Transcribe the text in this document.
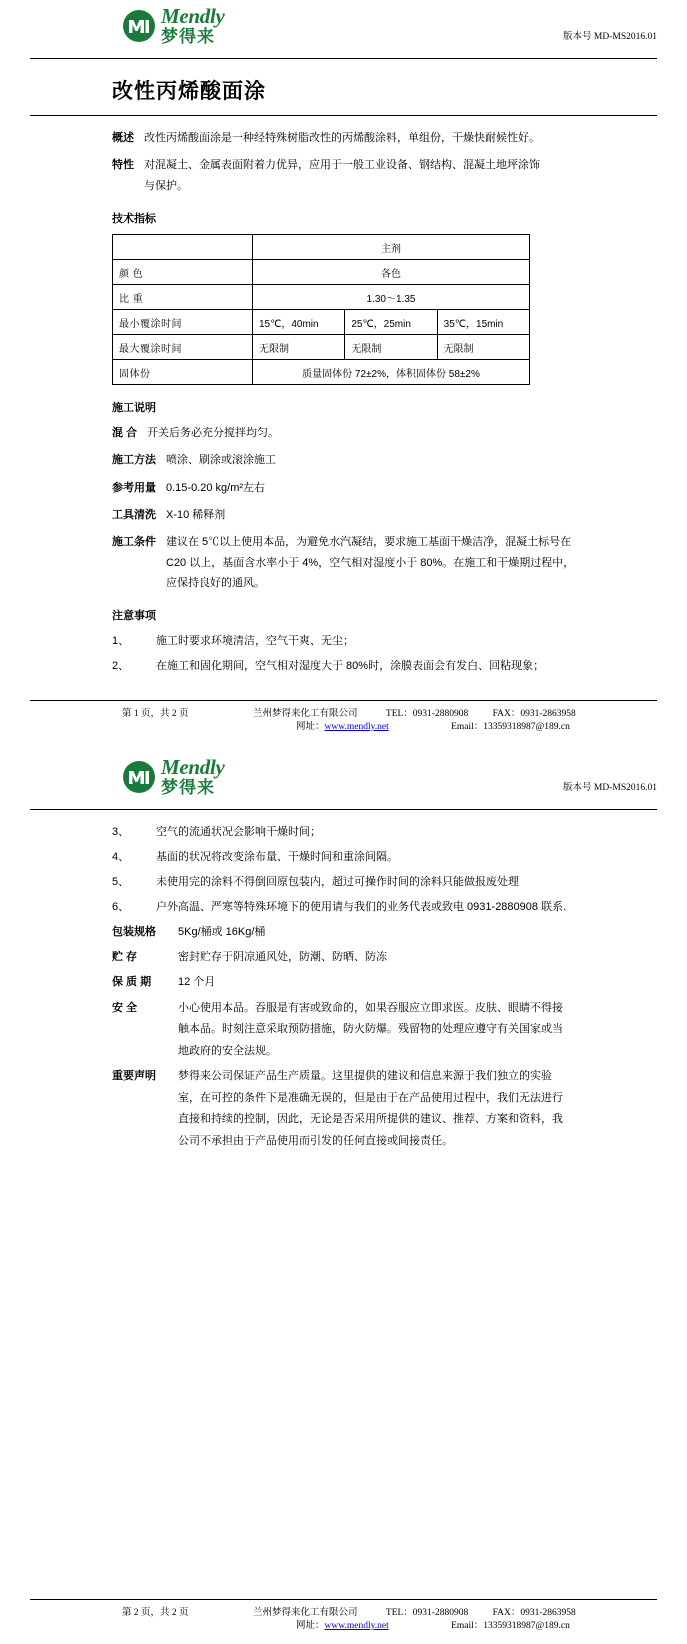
Mendly
梦得来	版本号 MD-MS2016.01
改性丙烯酸面涂
概述 改性丙烯酸面涂是一种经特殊树脂改性的丙烯酸涂料，单组份，干燥快耐候性好。
特性 对混凝土、金属表面附着力优异，应用于一般工业设备、钢结构、混凝土地坪涂饰与保护。
技术指标
	主剂		
颜 色	各色		
比 重	1.30～1.35		
最小覆涂时间	15℃，40min	25℃，25min	35℃，15min
最大覆涂时间	无限制	无限制	无限制
固体份	质量固体份 72±2%，体积固体份 58±2%		
施工说明
混 合 开关后务必充分搅拌均匀。
施工方法 喷涂、刷涂或滚涂施工
参考用量 0.15-0.20 kg/m²左右
工具清洗 X-10 稀释剂
施工条件 建议在 5℃以上使用本品，为避免水汽凝结，要求施工基面干燥洁净，混凝土标号在 C20 以上，基面含水率小于 4%，空气相对湿度小于 80%。在施工和干燥期过程中，应保持良好的通风。
注意事项
1、	施工时要求环境清洁，空气干爽、无尘；
2、	在施工和固化期间，空气相对湿度大于 80%时，涂膜表面会有发白、回粘现象；
第 1 页，共 2 页	兰州梦得来化工有限公司	TEL：0931-2880908	FAX：0931-2863958
网址：www.mendly.net	Email：13359318987@189.cn
Mendly
梦得来	版本号 MD-MS2016.01
3、	空气的流通状况会影响干燥时间；
4、	基面的状况将改变涂布量、干燥时间和重涂间隔。
5、	未使用完的涂料不得倒回原包装内，超过可操作时间的涂料只能做报废处理
6、	户外高温、严寒等特殊环境下的使用请与我们的业务代表或致电 0931-2880908 联系.
包装规格	5Kg/桶或 16Kg/桶
贮 存	密封贮存于阴凉通风处，防潮、防晒、防冻
保 质 期	12 个月
安 全	小心使用本品。吞服是有害或致命的，如果吞服应立即求医。皮肤、眼睛不得接触本品。时刻注意采取预防措施，防火防爆。残留物的处理应遵守有关国家或当地政府的安全法规。
重要声明	梦得来公司保证产品生产质量。这里提供的建议和信息来源于我们独立的实验室，在可控的条件下是准确无误的，但是由于在产品使用过程中，我们无法进行直接和持续的控制，因此，无论是否采用所提供的建议、推荐、方案和资料，我公司不承担由于产品使用而引发的任何直接或间接责任。
第 2 页，共 2 页	兰州梦得来化工有限公司	TEL：0931-2880908	FAX：0931-2863958
网址：www.mendly.net	Email：13359318987@189.cn
